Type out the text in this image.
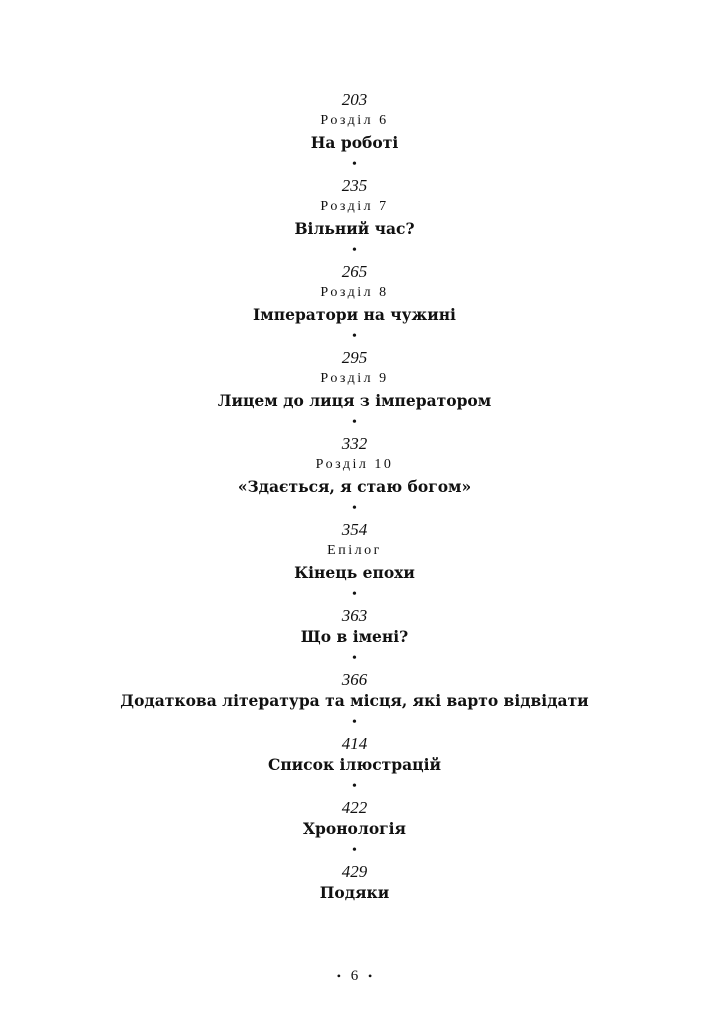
203
Розділ 6
На роботі
•
235
Розділ 7
Вільний час?
•
265
Розділ 8
Імператори на чужині
•
295
Розділ 9
Лицем до лиця з імператором
•
332
Розділ 10
«Здається, я стаю богом»
•
354
Епілог
Кінець епохи
•
363
Що в імені?
•
366
Додаткова література та місця, які варто відвідати
•
414
Список ілюстрацій
•
422
Хронологія
•
429
Подяки
• 6 •
